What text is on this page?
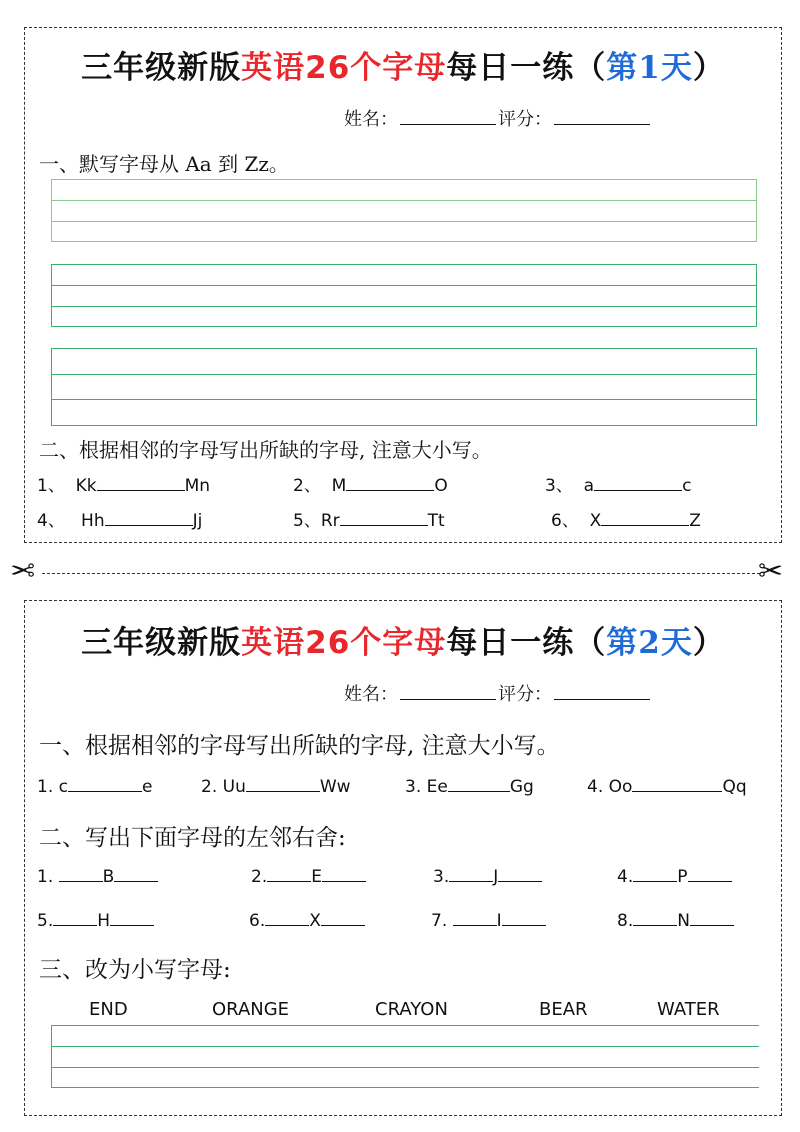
三年级新版英语26个字母每日一练（第1天）
姓名：	评分：
一、默写字母从 Aa 到 Zz。
二、根据相邻的字母写出所缺的字母, 注意大小写。
1、 Kk	Mn	2、 M	O	3、 a	c
4、 Hh	Jj	5、Rr	Tt	6、 X	Z
✂	✂
三年级新版英语26个字母每日一练（第2天）
姓名：	评分：
一、根据相邻的字母写出所缺的字母, 注意大小写。
1. c	e	2. Uu	Ww	3. Ee	Gg	4. Oo	Qq
二、写出下面字母的左邻右舍:
1.	B	2.	E	3.	J	4.	P
5.	H	6.	X	7.	I	8.	N
三、改为小写字母:
END	ORANGE	CRAYON	BEAR	WATER
